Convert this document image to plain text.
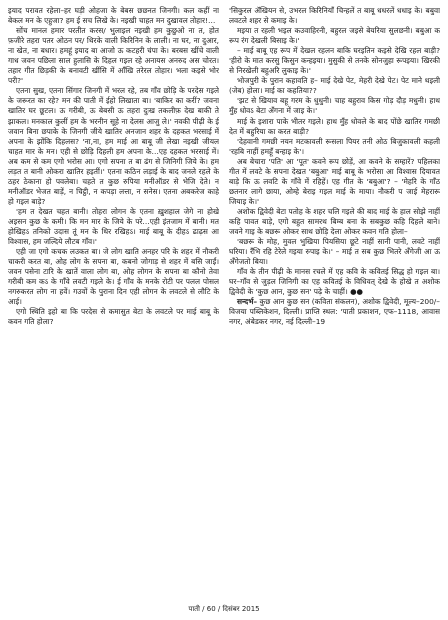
इयाद परावत रहेला–हर घड़ी ओहजा के बेबस छछनत जिनगी। कल कहीं ना बेकल मन के एहुजा? हम ई सच लिखे के। नइखी चाहत मन दुखावल तोहार!…

सोंच मानल हमार परतीत करस/ भुलाइल नइखी हम कुछुओ ना त, होत फ़जीरे तहरा पतर ओठन पर/ थिरके वाली किरिनिन के लाली। ना घर, ना दुआर, ना खेत, ना बधार। हमहूं इयाद बा आजो ऊ कटहरी चंपा के। बरबस खींचे वाली गाध जवन पछिला साल हुलासि के दिहल गइल रहे अनायस अनरुद अस चोरत। तहार गीत छिड़की के बनावटी खींसि में आँखि तरेरल तोहार। भला कइसे भोर परी?'

एतना सुख, एतना सिंगार जिनगी में भरल रहे, तब गाँव छोड़ि के परदेस गइले के जरूरत का रहे? मन की पाती में ईहो लिखाता बा। 'बाकिर का करीं? जवना खातिर घर छूटल। ऊ गरीबी, ऊ बेबसी ऊ तहरा दुःख तकलीफ़ देख बाकी ते झाकल। मनकाल कुलीं हम के भरनीन सूहे ना देलस आजु ले।' नवकी पीढ़ी के ई जवान बिना छपाके के जिनगी जीये खातिर अनजान शहर के दहकत भरसाई में अपना के झोंकि दिहलस? 'ना,ना, हम माई आ बाबू जी लेखा नइखी जीयल चाहत मार के मन। एही से छोड़ि दिहली हम अपना के…एह दहकत भरसाई में। अब कम से कम एगो भरोस आ। एगो सपना त बा ढंग से जिनिगी जिये के। हम लड़त त बानी ओकरा खातिर हइतीं।' एतना कठिन लड़ाई के बाद जनले रहले के ठहर ठेकाना हो पवलेबा। चहते त कुछ रुपिया मनीऑडर से भेजि देते। न मनीऑडर भेजत बाड़ें, न चिट्ठी, न कपड़ा लत्ता, न सनेस। एतना अबकरेज काहे हो गइल बाड़े?

'हम त देखत चहत बानी। तोहरा लोगन के एतना ख़ुशहाल जेगे ना होखे अइसन कुछ के कमी। कि मन मार के जिये के परे…एही इंतजाम में बानी। मत होखिहऽ तनिको उदास तूं मन के थिर रखिहऽ। माई बाबू के दीहऽ ढाढ़स आ विश्वास, हम जल्दिये लौटब गाँव।'

एही जा एगो कचक लउकत बा। जे लोग खाति अनहर परि के शहर में नौकरी चाकरी करत बा, ओह लोग के सपना बा, कबनो जोगाड़ से शहर में बसि जाईं। जवन पसेना टारि के खातें वाला लोग बा, ओह लोगन के सपना बा कौनो तेवा गरीबी कम कऽ के गाँवे लवटी गइले के। ई गाँव के मनके रोटी पर पलल पोसल नगरुकरत लोग ना हवें। गउवों के पुराना दिन एही लोगन के लवटले से लौटि के आई।

एगो स्थिति इहो बा कि परदेस से कमासुत बेटा के लवटले पर माई बाबू के कवन गति होला?

'सिकुरल ॲखियन से, उभरल किरिनियाँ चिन्हलें त बाबू धधरलें धधाइ के। बबुवा लवटले शहर से कमाइ के।

मइया त रहली भइल कउवाहिरनी, बहुरल जइसे बेयरिया सुलछनी। बबुआ क रूप रंग देखली बिसाइ के।'

– माई बाबू एह रूप में देखल रहलन बाकि घरइतिन कइसे देखि रहल बाड़ी? 'हीरो के मात करसु किसुन कन्हइया। मुसुकी से तनके सोनजुहा रूपइया। खिरकी से निरखेली बहुअरि लुकाइ के।'

भोजपुरी के पुरान कहावति ह– माई देखे पेट, मेहरी देखे पेट। पेट माने थइली (जेब) होला। माई का कहतिया??

'झट से खियाव बहू गरम के धुधुनी। चाह बहुराव किस गोड़ दौड़ मधुनी। हाथ मुँह धोवऽ बेटा अँगना में जाइ के।'

माई के इशारा पाके भीतर गइले। हाथ मुँह धोवले के बाद पोंछे खातिर गमछी देत में बहुरिया का करत बाड़ी?

'देहवानी गमछी नयन मटकावली रूसला पियर तनी ओठ बिजुकावली कहली 'रहबि नाहीं हमहूँ बन्हाइ के'।

अब बेचारा 'पति' आ 'पूत' कवने रूप छोड़ें, आ कवने के सम्हारें? पहिलका गीत में लवटे के सपना देखत 'बबुआ' माई बाबू के भरोसा आ विश्वास दियावत बाड़े कि ऊ लवटि के गाँवे में रहिहें। एह गीत के 'बबुआ'? – 'मेहरि के गाँठ छतनार लागे छाया, ओम्हे बेराइ गइल माई के माया। नौकरी प जाई मेहरारू जियाइ के।'

अशोक द्विवेदी बेटा पतोह के शहर चलि गइले की बाद माई के हाल सोझे नाहीं कहि पावत बाड़े, एगो बहुत सामरथ बिम्ब बना के सबकुछ कहि दिहले बाने। जवने गाइ के बछरू ओकर साथ छोड़ि देला ओकर कवन गति होला–

'बछरू के मोह, मुवल भुखिया पियसिया छूटे नाहीं सानी पानी, लवटे नाहीं घरिया। रँभि रहि टेरेले गइया रुपाइ के।' – माई त सब कुछ भितरे अँगेजी आ ऊ अँगेजतो बिया।

गाँव के तीन पीढ़ी के मानस रचले में एह कवि के कवितई सिद्ध हो गइल बा। घर–गाँव से जुड़ल जिनिगी का एह कवितई के विधिवत् देखे के होखे त अशोक द्विवेदी के 'कुछ आन, कुछ सन' पढ़े के चाहीं। ●●

सन्दर्भ– कुछ आन कुछ सन (कविता संकलन), अशोक द्विवेदी, मूल्य–200/– विजया पब्लिकेशन, दिल्ली। प्राप्ति स्थल: 'पाती प्रकाशन, एफ–1118, आवास नगर, अंबेडकर नगर, नई दिल्ली–19

पाती / 60 / दिसंबर 2015
